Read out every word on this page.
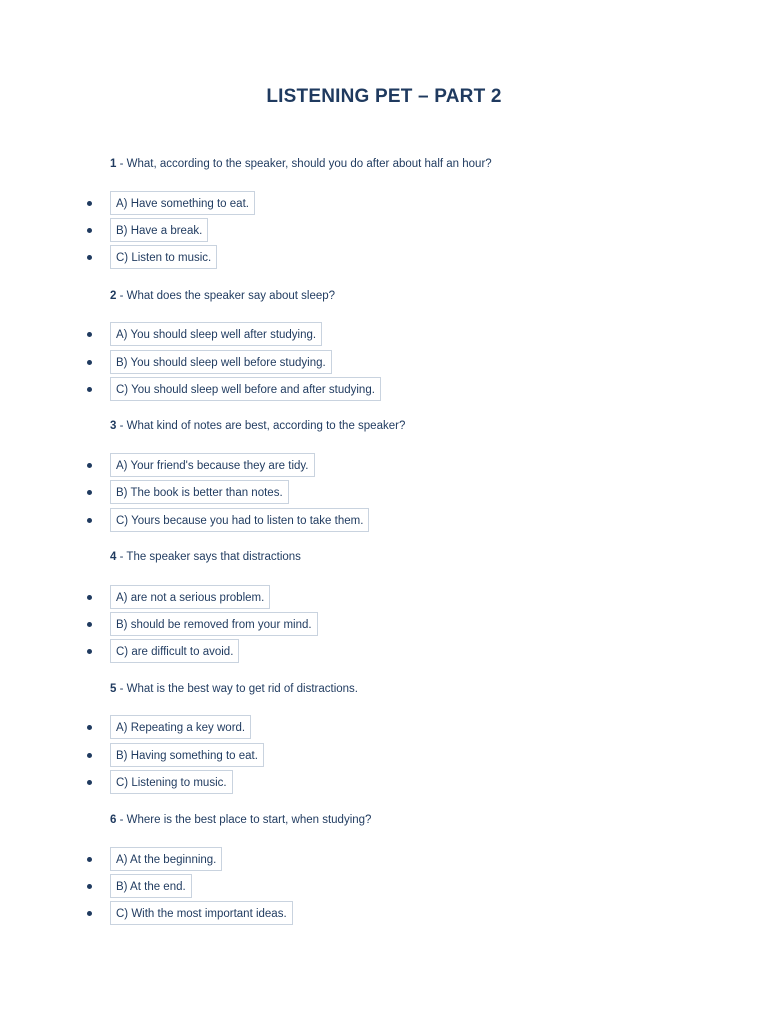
LISTENING PET – PART 2
1 - What, according to the speaker, should you do after about half an hour?
A) Have something to eat.
B) Have a break.
C) Listen to music.
2 - What does the speaker say about sleep?
A) You should sleep well after studying.
B) You should sleep well before studying.
C) You should sleep well before and after studying.
3 - What kind of notes are best, according to the speaker?
A) Your friend's because they are tidy.
B) The book is better than notes.
C) Yours because you had to listen to take them.
4 - The speaker says that distractions
A) are not a serious problem.
B) should be removed from your mind.
C) are difficult to avoid.
5 - What is the best way to get rid of distractions.
A) Repeating a key word.
B) Having something to eat.
C) Listening to music.
6 - Where is the best place to start, when studying?
A) At the beginning.
B) At the end.
C) With the most important ideas.
